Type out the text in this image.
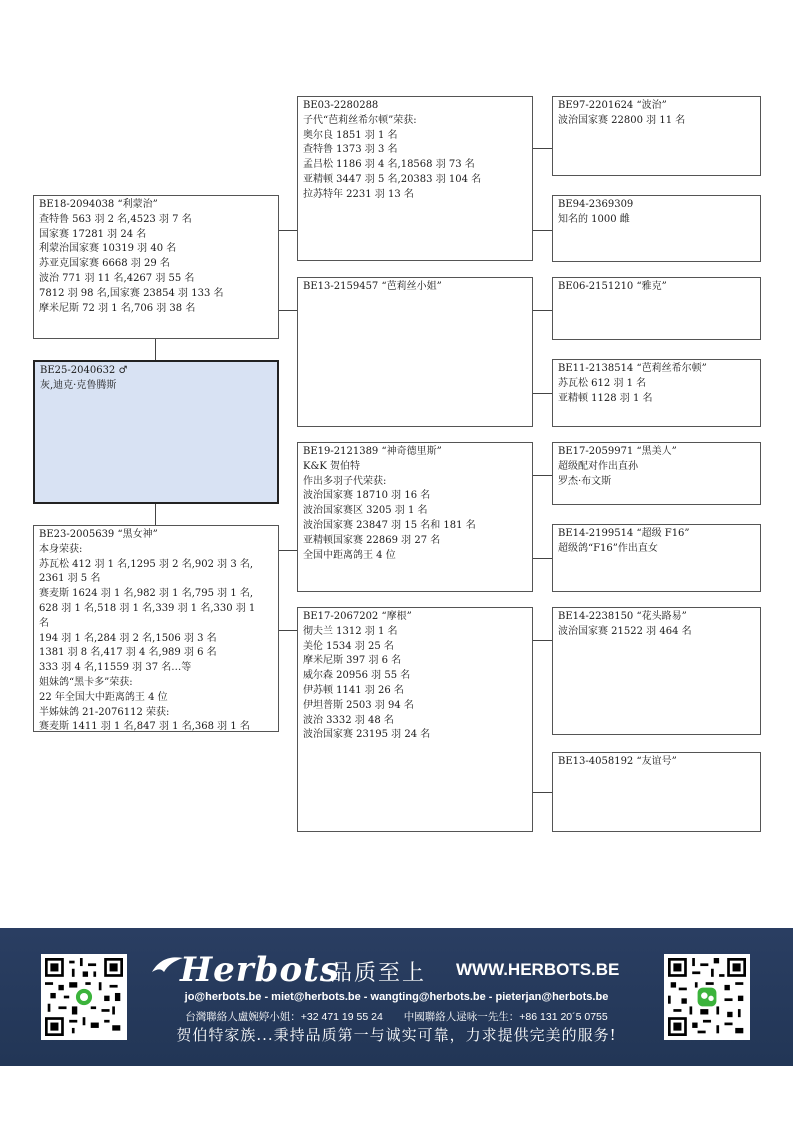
BE18-2094038 “利蒙治”
查特鲁 563 羽 2 名,4523 羽 7 名
国家赛 17281 羽 24 名
利蒙治国家赛 10319 羽 40 名
苏亚克国家赛 6668 羽 29 名
波治 771 羽 11 名,4267 羽 55 名
7812 羽 98 名,国家赛 23854 羽 133 名
摩米尼斯 72 羽 1 名,706 羽 38 名
BE25-2040632 ♂
灰,迪克·克鲁腾斯
BE23-2005639 “黑女神”
本身荣获:
苏瓦松 412 羽 1 名,1295 羽 2 名,902 羽 3 名,
2361 羽 5 名
赛麦斯 1624 羽 1 名,982 羽 1 名,795 羽 1 名,
628 羽 1 名,518 羽 1 名,339 羽 1 名,330 羽 1
名
194 羽 1 名,284 羽 2 名,1506 羽 3 名
1381 羽 8 名,417 羽 4 名,989 羽 6 名
333 羽 4 名,11559 羽 37 名…等
姐妹鸽“黑卡多”荣获:
22 年全国大中距离鸽王 4 位
半姊妹鸽 21-2076112 荣获:
赛麦斯 1411 羽 1 名,847 羽 1 名,368 羽 1 名
BE03-2280288
子代“芭莉丝希尔顿”荣获:
奥尔良 1851 羽 1 名
查特鲁 1373 羽 3 名
孟吕松 1186 羽 4 名,18568 羽 73 名
亚精顿 3447 羽 5 名,20383 羽 104 名
拉苏特年 2231 羽 13 名
BE13-2159457 “芭莉丝小姐”
BE19-2121389 “神奇德里斯”
K&K 贺伯特
作出多羽子代荣获:
波治国家赛 18710 羽 16 名
波治国家赛区 3205 羽 1 名
波治国家赛 23847 羽 15 名和 181 名
亚精顿国家赛 22869 羽 27 名
全国中距离鸽王 4 位
BE17-2067202 “摩根”
彻夫兰 1312 羽 1 名
美伦 1534 羽 25 名
摩米尼斯 397 羽 6 名
威尔森 20956 羽 55 名
伊苏顿 1141 羽 26 名
伊坦普斯 2503 羽 94 名
波治 3332 羽 48 名
波治国家赛 23195 羽 24 名
BE97-2201624 “波治”
波治国家赛 22800 羽 11 名
BE94-2369309
知名的 1000 雌
BE06-2151210 “雅克”
BE11-2138514 “芭莉丝希尔顿”
苏瓦松 612 羽 1 名
亚精顿 1128 羽 1 名
BE17-2059971 “黑美人”
超级配对作出直孙
罗杰·布文斯
BE14-2199514 “超级 F16”
超级鸽“F16”作出直女
BE14-2238150 “花头路易”
波治国家赛 21522 羽 464 名
BE13-4058192 “友谊号”
Herbots
品质至上 WWW.HERBOTS.BE
jo@herbots.be - miet@herbots.be - wangting@herbots.be - pieterjan@herbots.be
台灣聯絡人盧婉婷小姐：+32 471 19 55 24　　中國聯絡人逯咏一先生：+86 131 20´5 0755
贺伯特家族...秉持品质第一与诚实可靠，力求提供完美的服务!
